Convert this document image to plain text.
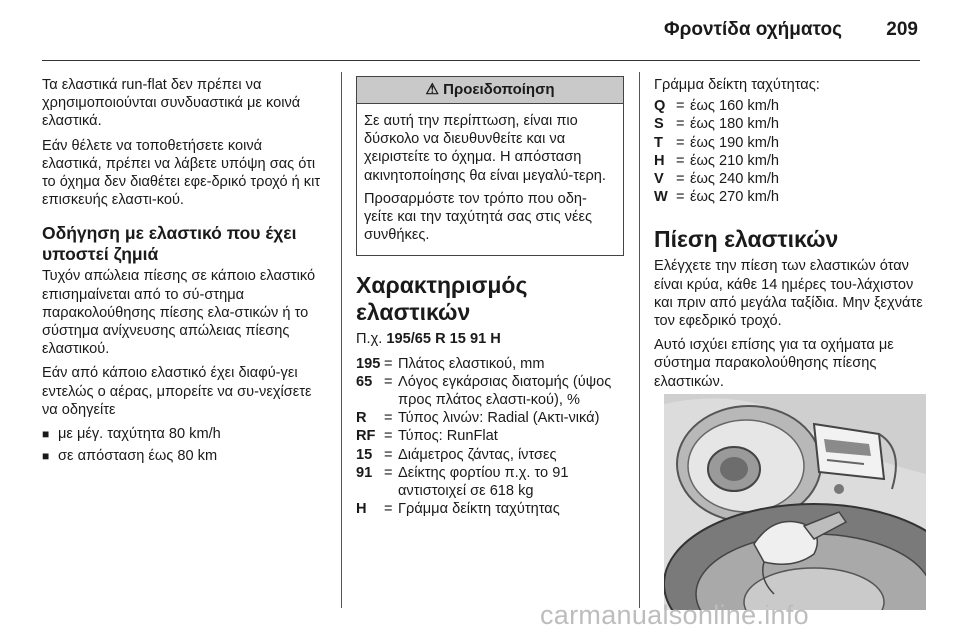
Φροντίδα οχήματος 209

Τα ελαστικά run-flat δεν πρέπει να χρησιμοποιούνται συνδυαστικά με κοινά ελαστικά.

Εάν θέλετε να τοποθετήσετε κοινά ελαστικά, πρέπει να λάβετε υπόψη σας ότι το όχημα δεν διαθέτει εφε-δρικό τροχό ή κιτ επισκευής ελαστι-κού.

Οδήγηση με ελαστικό που έχει υποστεί ζημιά

Τυχόν απώλεια πίεσης σε κάποιο ελαστικό επισημαίνεται από το σύ-στημα παρακολούθησης πίεσης ελα-στικών ή το σύστημα ανίχνευσης απώλειας πίεσης ελαστικού.

Εάν από κάποιο ελαστικό έχει διαφύ-γει εντελώς ο αέρας, μπορείτε να συ-νεχίσετε να οδηγείτε

■ με μέγ. ταχύτητα 80 km/h
■ σε απόσταση έως 80 km
⚠ Προειδοποίηση

Σε αυτή την περίπτωση, είναι πιο δύσκολο να διευθυνθείτε και να χειριστείτε το όχημα. Η απόσταση ακινητοποίησης θα είναι μεγαλύ-τερη.

Προσαρμόστε τον τρόπο που οδη-γείτε και την ταχύτητά σας στις νέες συνθήκες.

Χαρακτηρισμός ελαστικών

Π.χ. 195/65 R 15 91 H

195 = Πλάτος ελαστικού, mm
65 = Λόγος εγκάρσιας διατομής (ύψος προς πλάτος ελαστι-κού), %
R	= Τύπος λινών: Radial (Ακτι-νικά)
RF = Τύπος: RunFlat
15 = Διάμετρος ζάντας, ίντσες
91 = Δείκτης φορτίου π.χ. το 91 αντιστοιχεί σε 618 kg
H	= Γράμμα δείκτη ταχύτητας

Γράμμα δείκτη ταχύτητας:

Q = έως 160 km/h
S = έως 180 km/h
T = έως 190 km/h
H = έως 210 km/h
V = έως 240 km/h
W = έως 270 km/h
Πίεση ελαστικών

Ελέγχετε την πίεση των ελαστικών όταν είναι κρύα, κάθε 14 ημέρες του-λάχιστον και πριν από μεγάλα ταξίδια. Μην ξεχνάτε τον εφεδρικό τροχό.

Αυτό ισχύει επίσης για τα οχήματα με σύστημα παρακολούθησης πίεσης ελαστικών.

carmanualsonline.info
